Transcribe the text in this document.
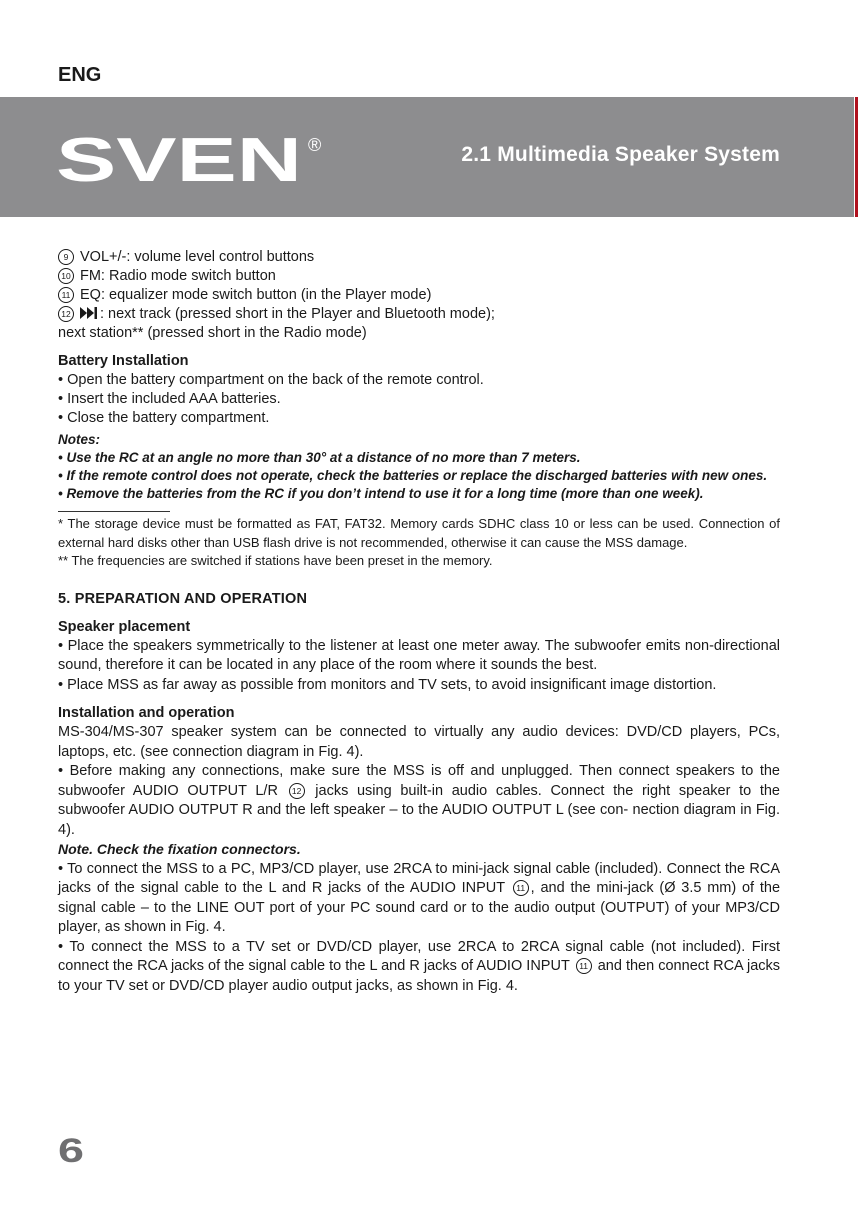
ENG
SVEN ®	2.1 Multimedia Speaker System

9 VOL+/-: volume level control buttons

10 FM: Radio mode switch button

11 EQ: equalizer mode switch button (in the Player mode)

12 : next track (pressed short in the Player and Bluetooth mode);

next station** (pressed short in the Radio mode)

Battery Installation

• Open the battery compartment on the back of the remote control.

• Insert the included AAA batteries.

• Close the battery compartment.

Notes:

• Use the RC at an angle no more than 30° at a distance of no more than 7 meters.

• If the remote control does not operate, check the batteries or replace the discharged batteries with new ones.

• Remove the batteries from the RC if you don’t intend to use it for a long time (more than one week).

* The storage device must be formatted as FAT, FAT32. Memory cards SDHC class 10 or less can be used. Connection of external hard disks other than USB flash drive is not recommended, otherwise it can cause the MSS damage.

** The frequencies are switched if stations have been preset in the memory.

5. PREPARATION AND OPERATION

Speaker placement

• Place the speakers symmetrically to the listener at least one meter away. The subwoofer emits non-directional sound, therefore it can be located in any place of the room where it sounds the best.

• Place MSS as far away as possible from monitors and TV sets, to avoid insignificant image distortion.

Installation and operation

MS-304/MS-307 speaker system can be connected to virtually any audio devices: DVD/CD players, PCs, laptops, etc. (see connection diagram in Fig. 4).

• Before making any connections, make sure the MSS is off and unplugged. Then connect speakers to the subwoofer AUDIO OUTPUT L/R 12 jacks using built-in audio cables. Connect the right speaker to the subwoofer AUDIO OUTPUT R and the left speaker – to the AUDIO OUTPUT L (see con- nection diagram in Fig. 4).

Note. Check the fixation connectors.

• To connect the MSS to a PC, MP3/CD player, use 2RCA to mini-jack signal cable (included). Connect the RCA jacks of the signal cable to the L and R jacks of the AUDIO INPUT 11 , and the mini-jack (Ø 3.5 mm) of the signal cable – to the LINE OUT port of your PC sound card or to the audio output (OUTPUT) of your MP3/CD player, as shown in Fig. 4.

• To connect the MSS to a TV set or DVD/CD player, use 2RCA to 2RCA signal cable (not included). First connect the RCA jacks of the signal cable to the L and R jacks of AUDIO INPUT 11 and then connect RCA jacks to your TV set or DVD/CD player audio output jacks, as shown in Fig. 4.

6
